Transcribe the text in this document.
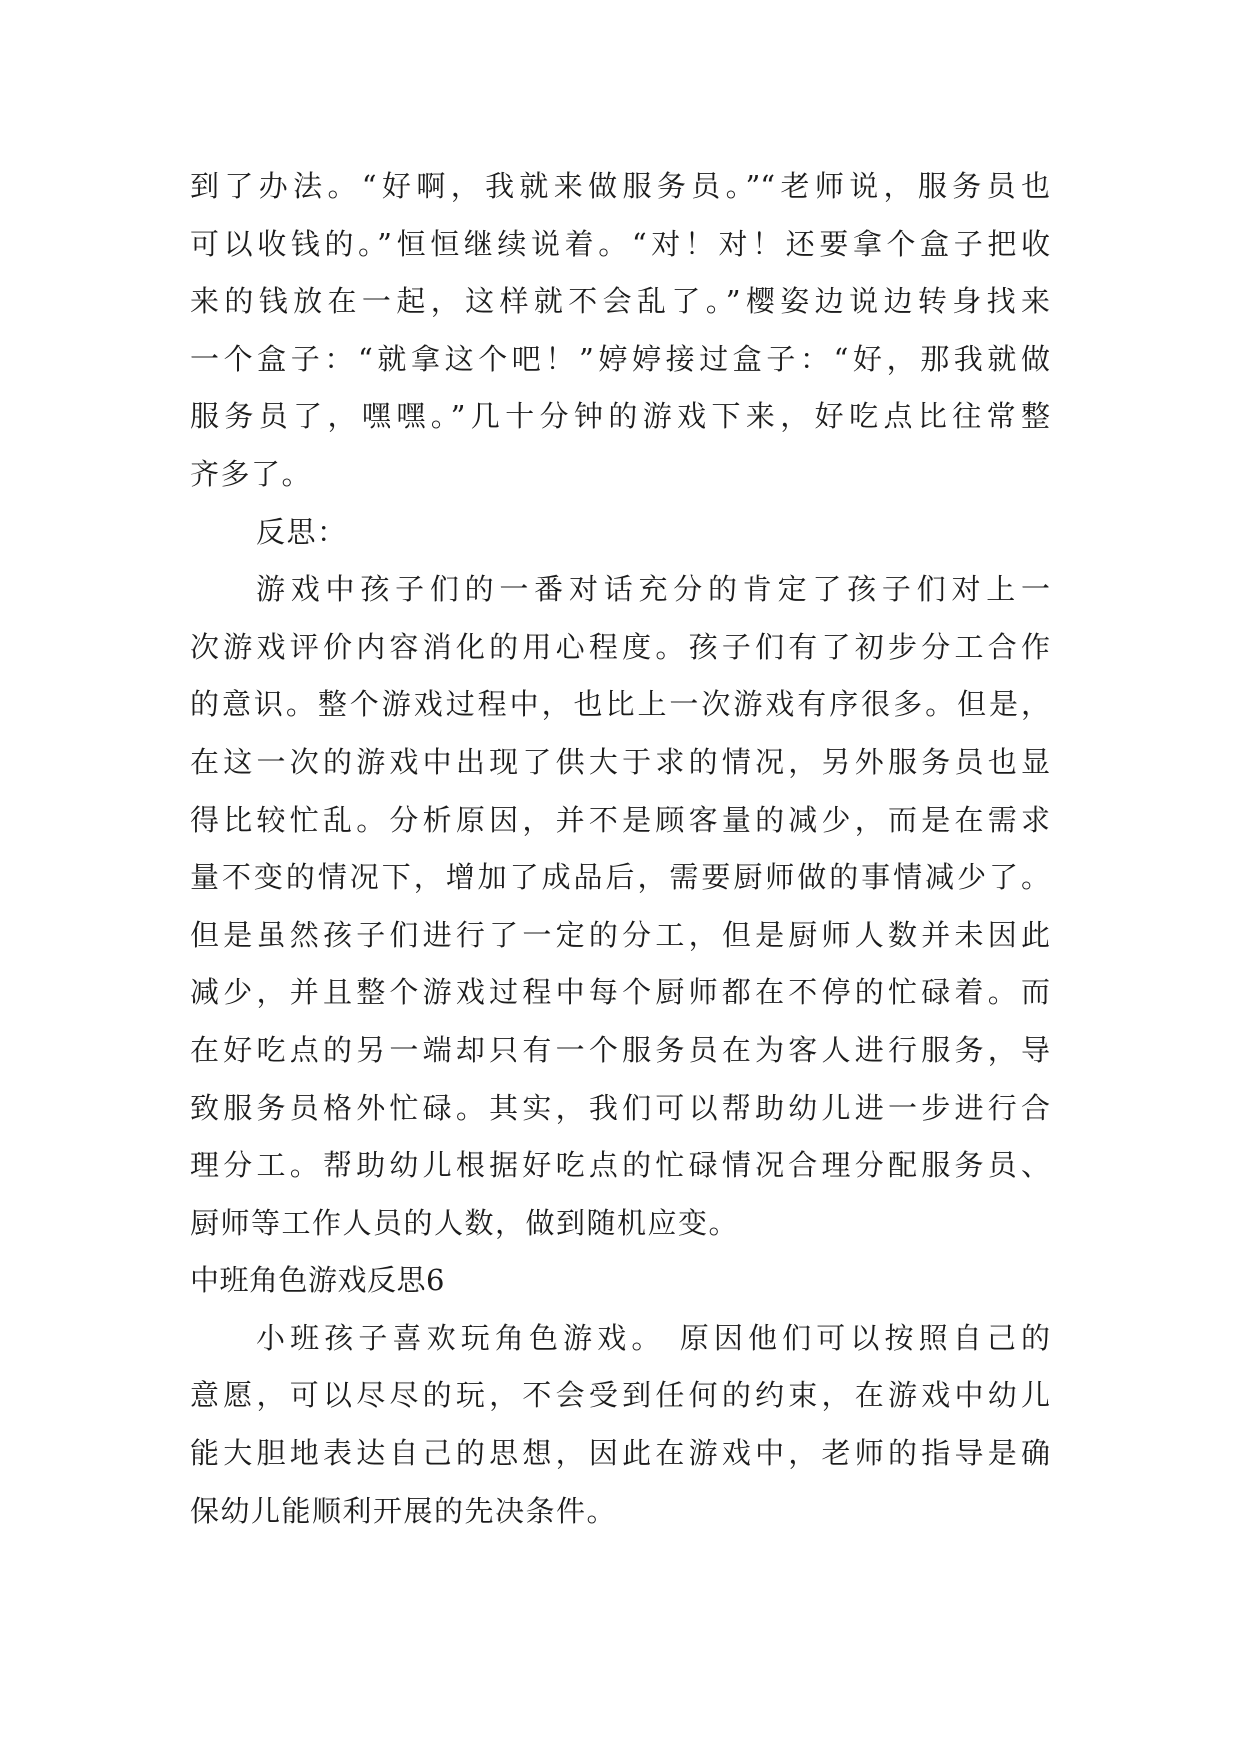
到了办法。“好啊，我就来做服务员。”“老师说，服务员也
可以收钱的。”恒恒继续说着。“对！对！还要拿个盒子把收
来的钱放在一起，这样就不会乱了。”樱姿边说边转身找来
一个盒子：“就拿这个吧！”婷婷接过盒子：“好，那我就做
服务员了，嘿嘿。”几十分钟的游戏下来，好吃点比往常整
齐多了。
反思：
游戏中孩子们的一番对话充分的肯定了孩子们对上一
次游戏评价内容消化的用心程度。孩子们有了初步分工合作
的意识。整个游戏过程中，也比上一次游戏有序很多。但是，
在这一次的游戏中出现了供大于求的情况，另外服务员也显
得比较忙乱。分析原因，并不是顾客量的减少，而是在需求
量不变的情况下，增加了成品后，需要厨师做的事情减少了。
但是虽然孩子们进行了一定的分工，但是厨师人数并未因此
减少，并且整个游戏过程中每个厨师都在不停的忙碌着。而
在好吃点的另一端却只有一个服务员在为客人进行服务，导
致服务员格外忙碌。其实，我们可以帮助幼儿进一步进行合
理分工。帮助幼儿根据好吃点的忙碌情况合理分配服务员、
厨师等工作人员的人数，做到随机应变。
中班角色游戏反思6
小班孩子喜欢玩角色游戏。 原因他们可以按照自己的
意愿，可以尽尽的玩，不会受到任何的约束，在游戏中幼儿
能大胆地表达自己的思想，因此在游戏中，老师的指导是确
保幼儿能顺利开展的先决条件。
